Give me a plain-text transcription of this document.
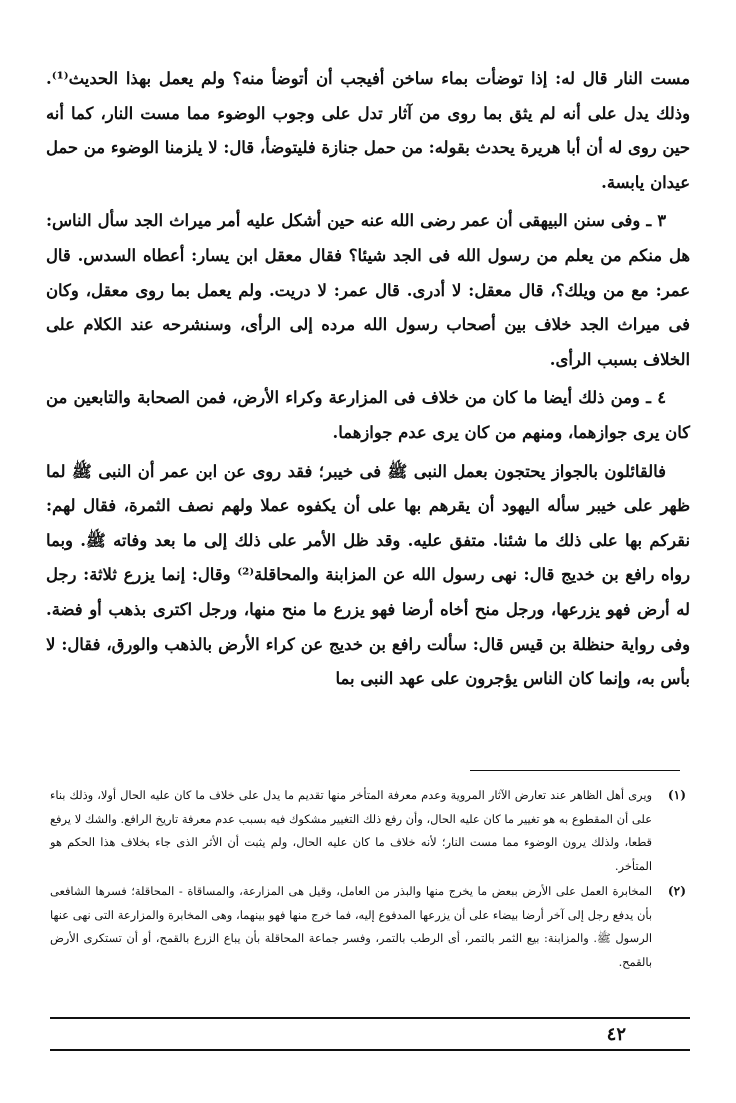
مست النار قال له: إذا توضأت بماء ساخن أفيجب أن أتوضأ منه؟ ولم يعمل بهذا الحديث⁽¹⁾. وذلك يدل على أنه لم يثق بما روى من آثار تدل على وجوب الوضوء مما مست النار، كما أنه حين روى له أن أبا هريرة يحدث بقوله: من حمل جنازة فليتوضأ، قال: لا يلزمنا الوضوء من حمل عيدان يابسة.

٣ ـ وفى سنن البيهقى أن عمر رضى الله عنه حين أشكل عليه أمر ميراث الجد سأل الناس: هل منكم من يعلم من رسول الله فى الجد شيئا؟ فقال معقل ابن يسار: أعطاه السدس. قال عمر: مع من ويلك؟، قال معقل: لا أدرى. قال عمر: لا دريت. ولم يعمل بما روى معقل، وكان فى ميراث الجد خلاف بين أصحاب رسول الله مرده إلى الرأى، وسنشرحه عند الكلام على الخلاف بسبب الرأى.

٤ ـ ومن ذلك أيضا ما كان من خلاف فى المزارعة وكراء الأرض، فمن الصحابة والتابعين من كان يرى جوازهما، ومنهم من كان يرى عدم جوازهما.

فالقائلون بالجواز يحتجون بعمل النبى ﷺ فى خيبر؛ فقد روى عن ابن عمر أن النبى ﷺ لما ظهر على خيبر سأله اليهود أن يقرهم بها على أن يكفوه عملا ولهم نصف الثمرة، فقال لهم: نقركم بها على ذلك ما شئنا. متفق عليه. وقد ظل الأمر على ذلك إلى ما بعد وفاته ﷺ. وبما رواه رافع بن خديج قال: نهى رسول الله عن المزابنة والمحاقلة⁽²⁾ وقال: إنما يزرع ثلاثة: رجل له أرض فهو يزرعها، ورجل منح أخاه أرضا فهو يزرع ما منح منها، ورجل اكترى بذهب أو فضة. وفى رواية حنظلة بن قيس قال: سألت رافع بن خديج عن كراء الأرض بالذهب والورق، فقال: لا بأس به، وإنما كان الناس يؤجرون على عهد النبى بما

(١)

ويرى أهل الظاهر عند تعارض الآثار المروية وعدم معرفة المتأخر منها تقديم ما يدل على خلاف ما كان عليه الحال أولا، وذلك بناء على أن المقطوع به هو تغيير ما كان عليه الحال، وأن رفع ذلك التغيير مشكوك فيه بسبب عدم معرفة تاريخ الرافع. والشك لا يرفع قطعا، ولذلك يرون الوضوء مما مست النار؛ لأنه خلاف ما كان عليه الحال، ولم يثبت أن الأثر الذى جاء بخلاف هذا الحكم هو المتأخر.

(٢)

المخابرة العمل على الأرض ببعض ما يخرج منها والبذر من العامل، وقيل هى المزارعة، والمساقاة - المحاقلة؛ فسرها الشافعى بأن يدفع رجل إلى آخر أرضا بيضاء على أن يزرعها المدفوع إليه، فما خرج منها فهو بينهما، وهى المخابرة والمزارعة التى نهى عنها الرسول ﷺ. والمزابنة: بيع الثمر بالتمر، أى الرطب بالتمر، وفسر جماعة المحاقلة بأن يباع الزرع بالقمح، أو أن تستكرى الأرض بالقمح.

٤٢
